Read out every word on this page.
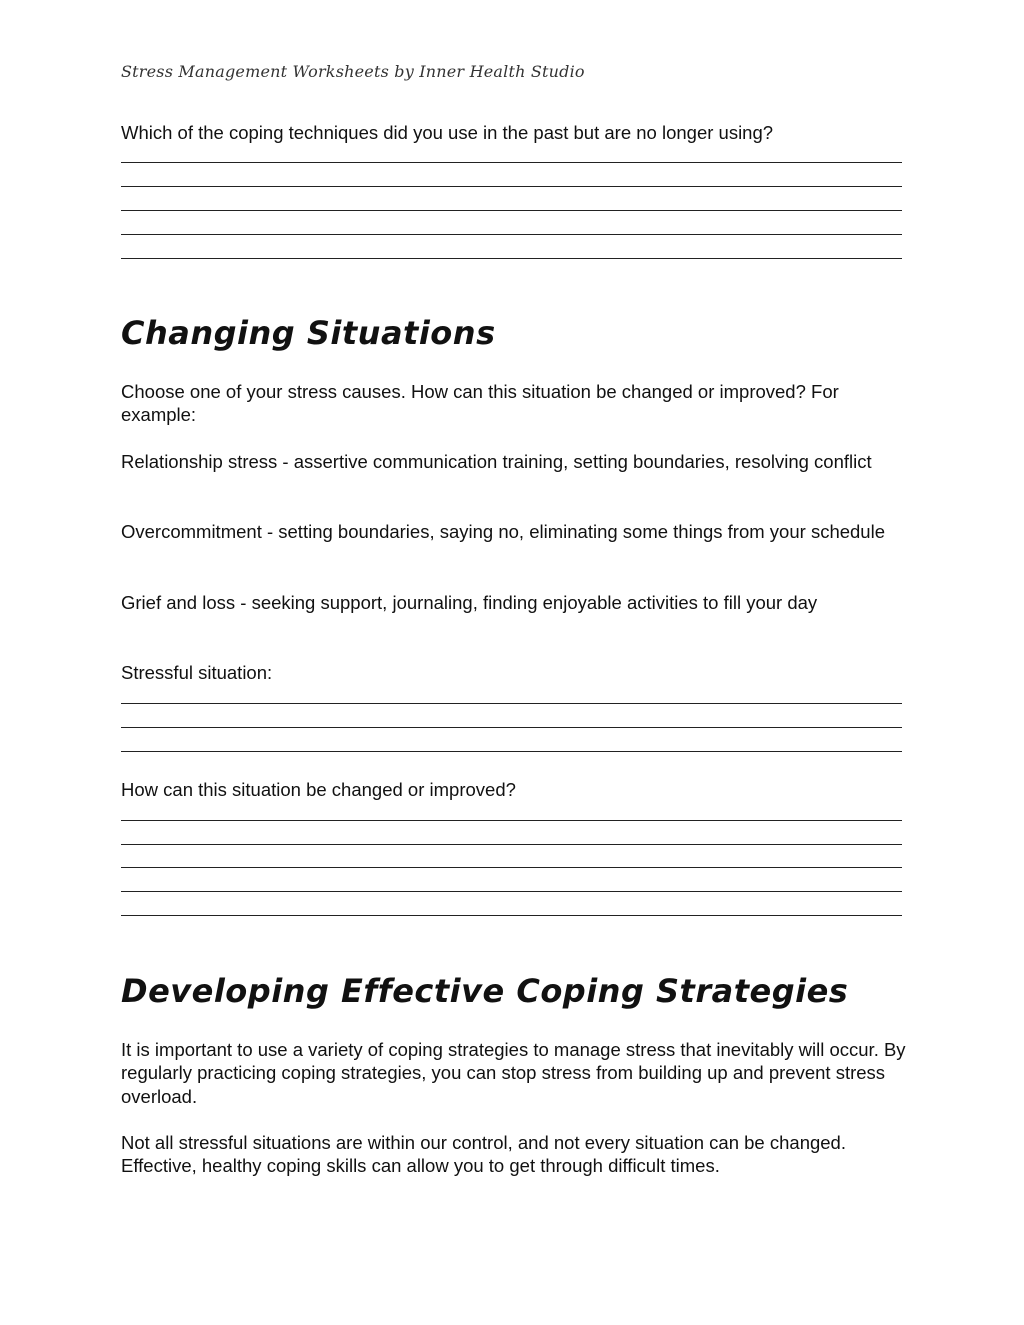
Stress Management Worksheets by Inner Health Studio
Which of the coping techniques did you use in the past but are no longer using?
Changing Situations
Choose one of your stress causes. How can this situation be changed or improved? For example:
Relationship stress - assertive communication training, setting boundaries, resolving conflict
Overcommitment - setting boundaries, saying no, eliminating some things from your schedule
Grief and loss - seeking support, journaling, finding enjoyable activities to fill your day
Stressful situation:
How can this situation be changed or improved?
Developing Effective Coping Strategies
It is important to use a variety of coping strategies to manage stress that inevitably will occur. By regularly practicing coping strategies, you can stop stress from building up and prevent stress overload.
Not all stressful situations are within our control, and not every situation can be changed. Effective, healthy coping skills can allow you to get through difficult times.
